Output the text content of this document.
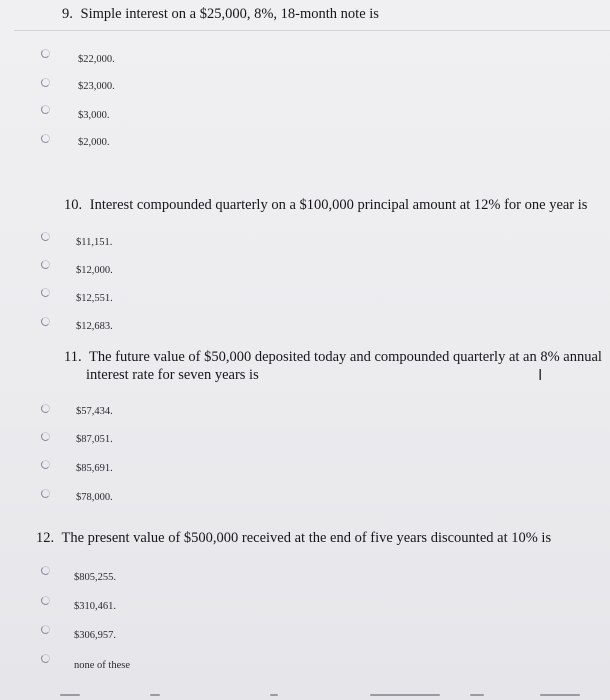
9. Simple interest on a $25,000, 8%, 18-month note is
$22,000.
$23,000.
$3,000.
$2,000.
10. Interest compounded quarterly on a $100,000 principal amount at 12% for one year is
$11,151.
$12,000.
$12,551.
$12,683.
11. The future value of $50,000 deposited today and compounded quarterly at an 8% annual
interest rate for seven years is	I
$57,434.
$87,051.
$85,691.
$78,000.
12. The present value of $500,000 received at the end of five years discounted at 10% is
$805,255.
$310,461.
$306,957.
none of these
